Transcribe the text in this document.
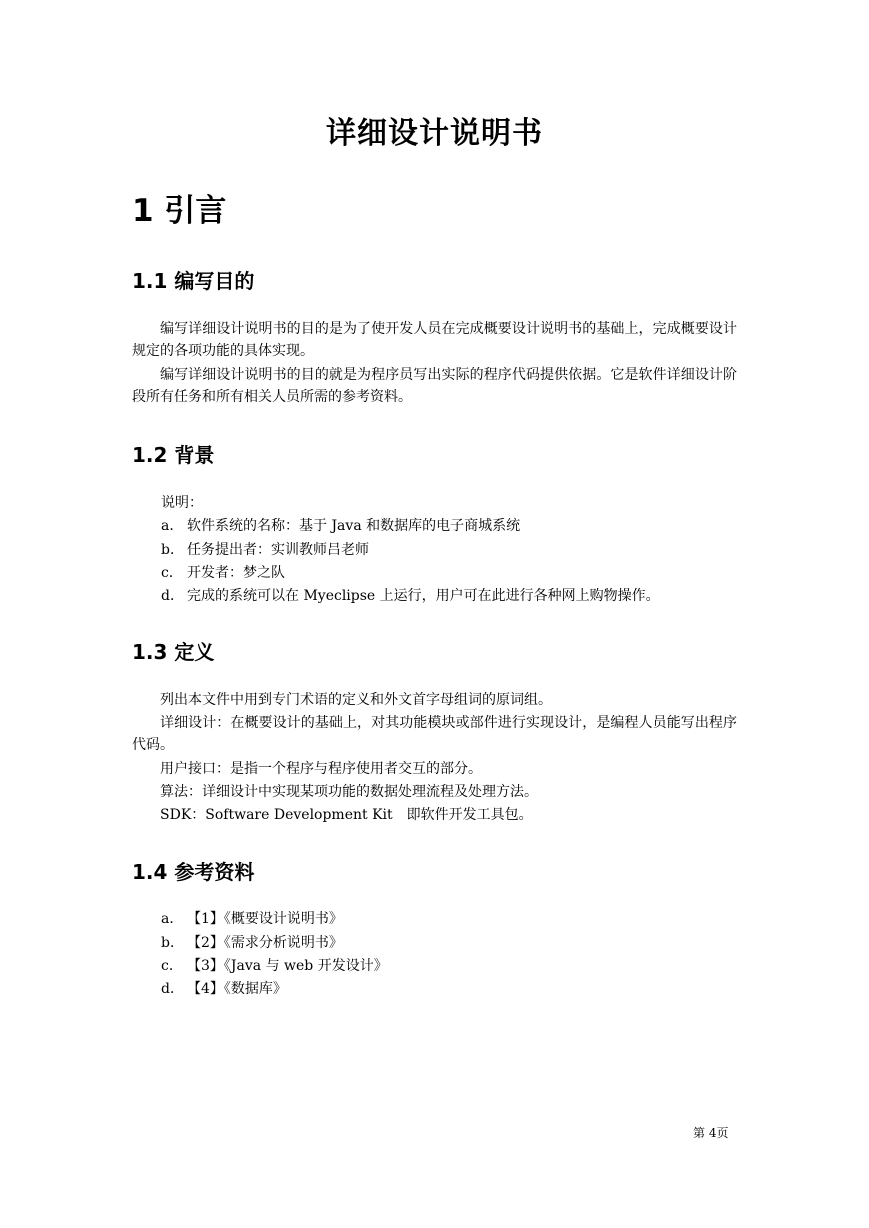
详细设计说明书
1 引言
1.1 编写目的
编写详细设计说明书的目的是为了使开发人员在完成概要设计说明书的基础上，完成概要设计规定的各项功能的具体实现。
编写详细设计说明书的目的就是为程序员写出实际的程序代码提供依据。它是软件详细设计阶段所有任务和所有相关人员所需的参考资料。
1.2 背景
说明：
a． 软件系统的名称：基于 Java 和数据库的电子商城系统
b． 任务提出者：实训教师吕老师
c． 开发者：梦之队
d． 完成的系统可以在 Myeclipse 上运行，用户可在此进行各种网上购物操作。
1.3 定义
列出本文件中用到专门术语的定义和外文首字母组词的原词组。
详细设计：在概要设计的基础上，对其功能模块或部件进行实现设计，是编程人员能写出程序代码。
用户接口：是指一个程序与程序使用者交互的部分。
算法：详细设计中实现某项功能的数据处理流程及处理方法。
SDK：Software Development Kit　即软件开发工具包。
1.4 参考资料
a． 【1】《概要设计说明书》
b． 【2】《需求分析说明书》
c． 【3】《Java 与 web 开发设计》
d． 【4】《数据库》
第 4页
